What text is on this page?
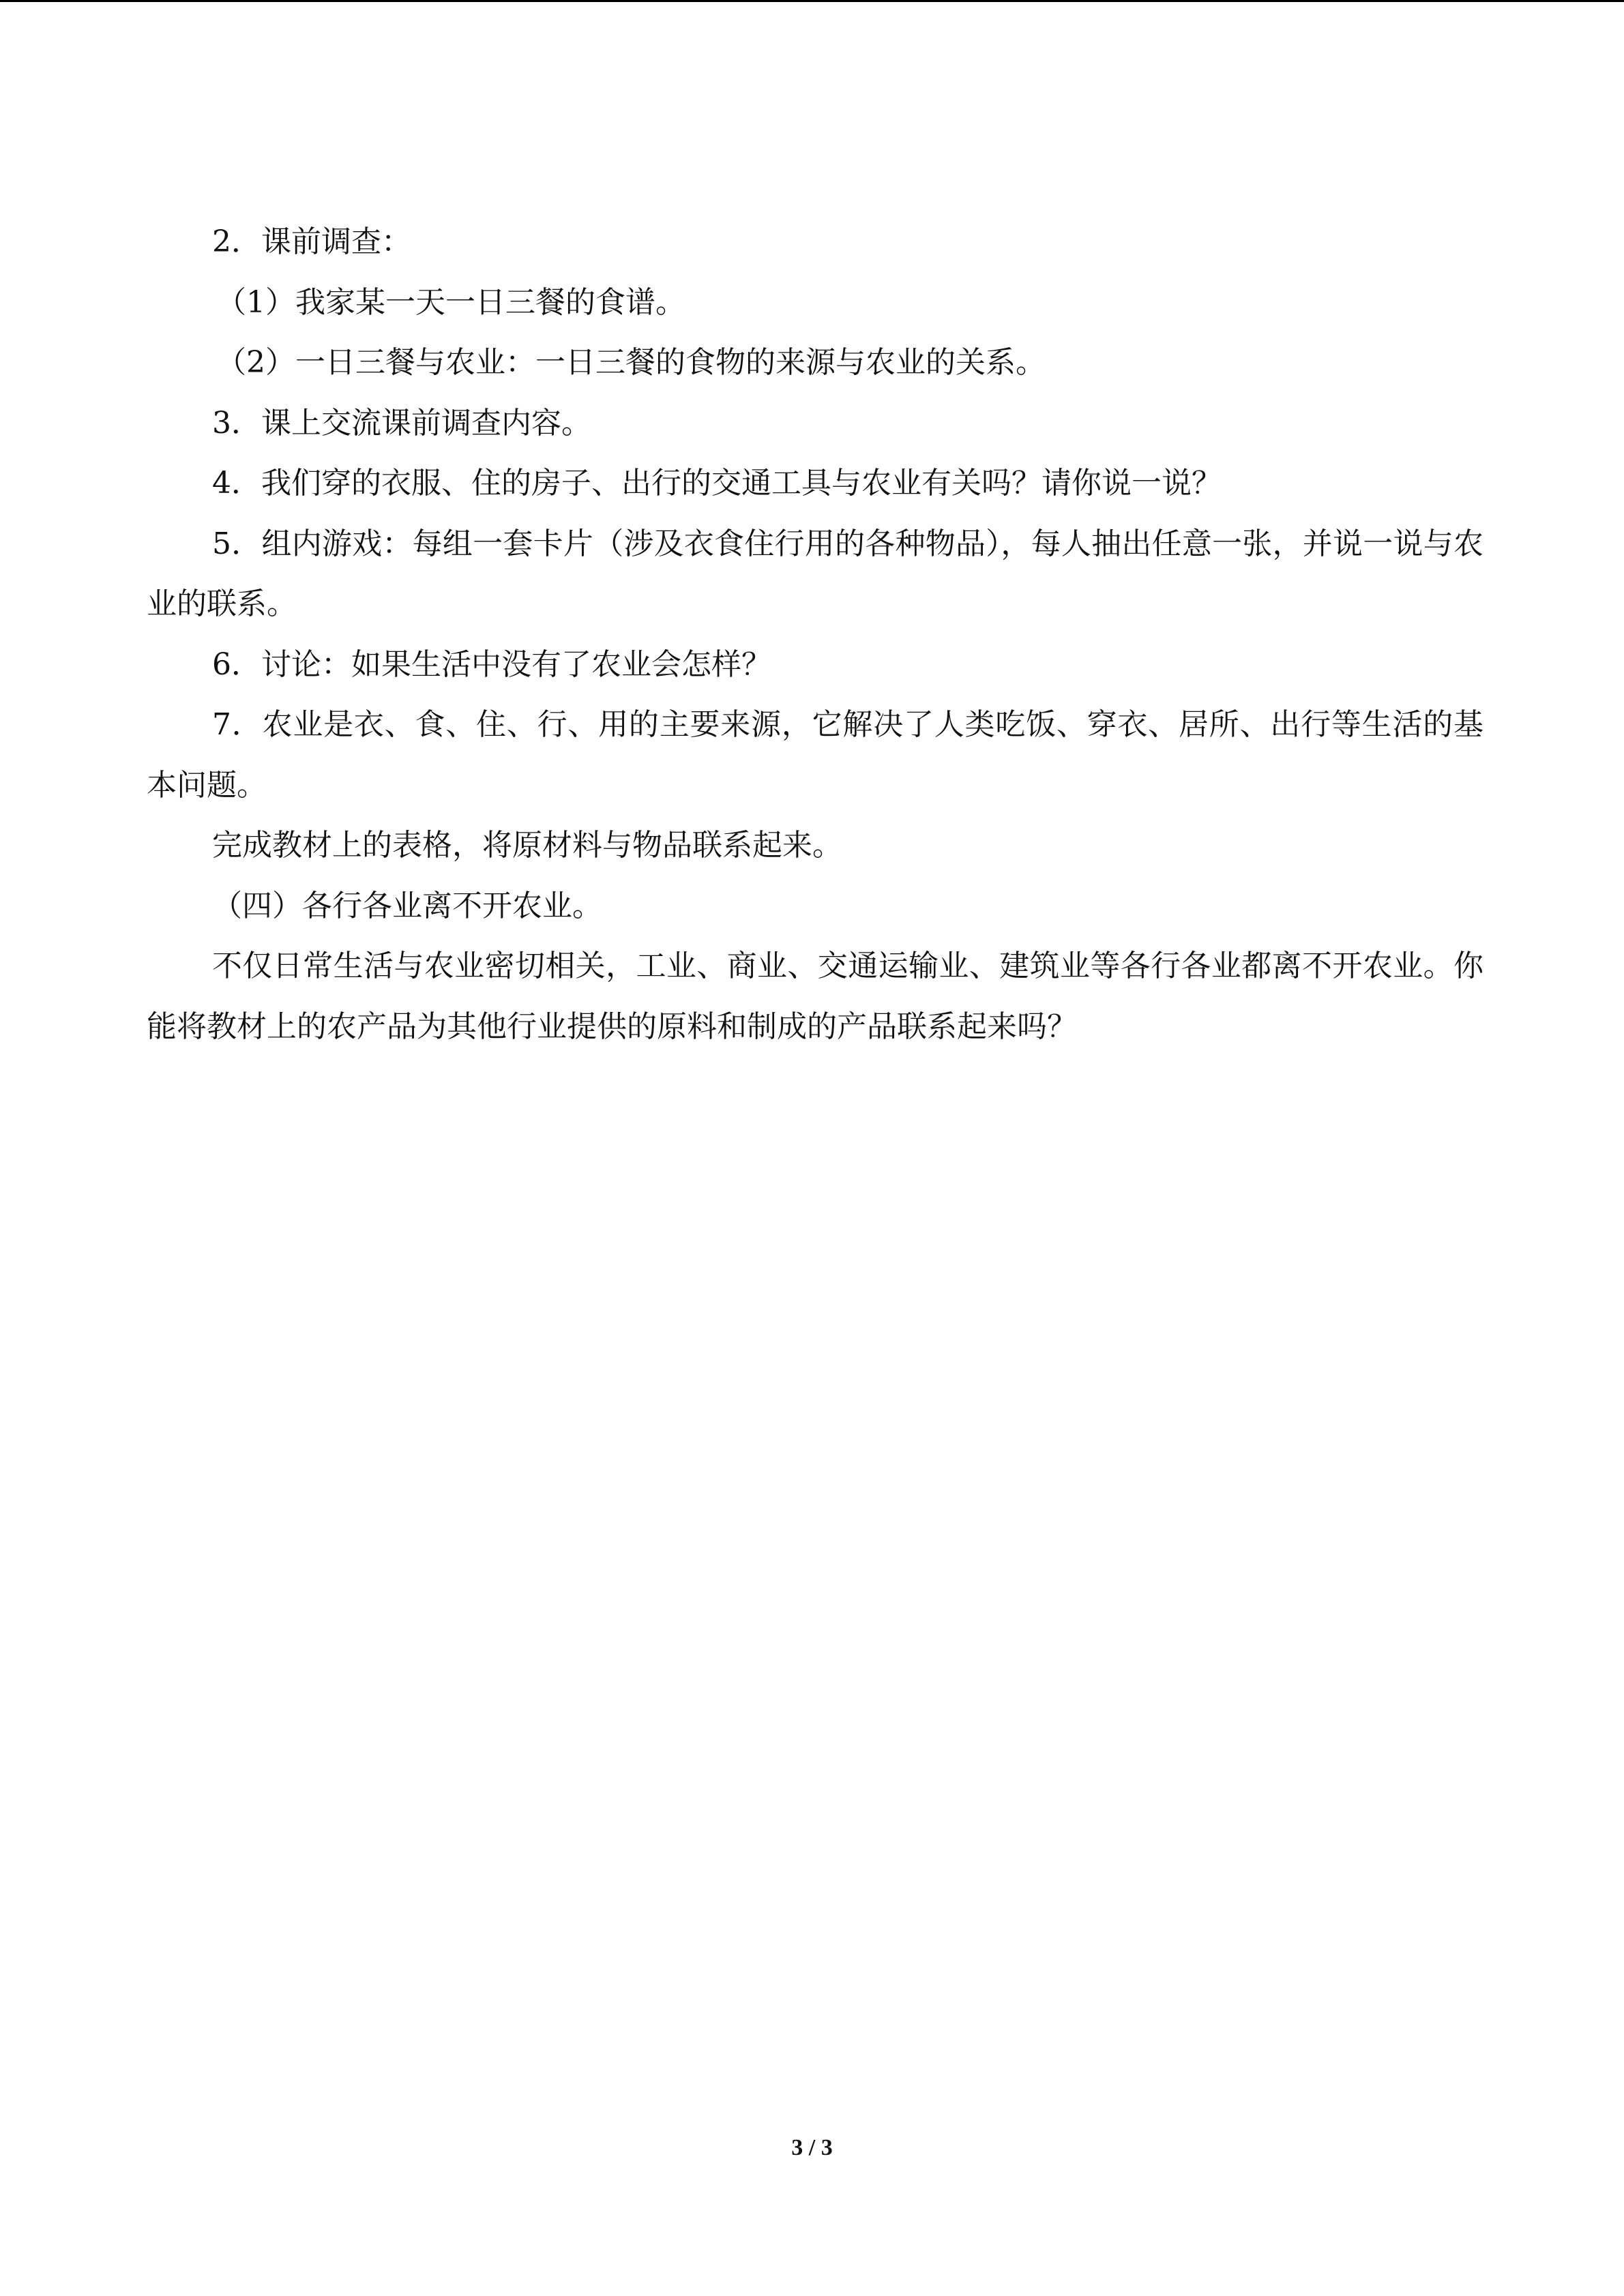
2．课前调查：

（1）我家某一天一日三餐的食谱。

（2）一日三餐与农业：一日三餐的食物的来源与农业的关系。

3．课上交流课前调查内容。

4．我们穿的衣服、住的房子、出行的交通工具与农业有关吗？请你说一说？

5．组内游戏：每组一套卡片（涉及衣食住行用的各种物品），每人抽出任意一张，并说一说与农业的联系。

6．讨论：如果生活中没有了农业会怎样？

7．农业是衣、食、住、行、用的主要来源，它解决了人类吃饭、穿衣、居所、出行等生活的基本问题。

完成教材上的表格，将原材料与物品联系起来。

（四）各行各业离不开农业。

不仅日常生活与农业密切相关，工业、商业、交通运输业、建筑业等各行各业都离不开农业。你能将教材上的农产品为其他行业提供的原料和制成的产品联系起来吗？

3 / 3
